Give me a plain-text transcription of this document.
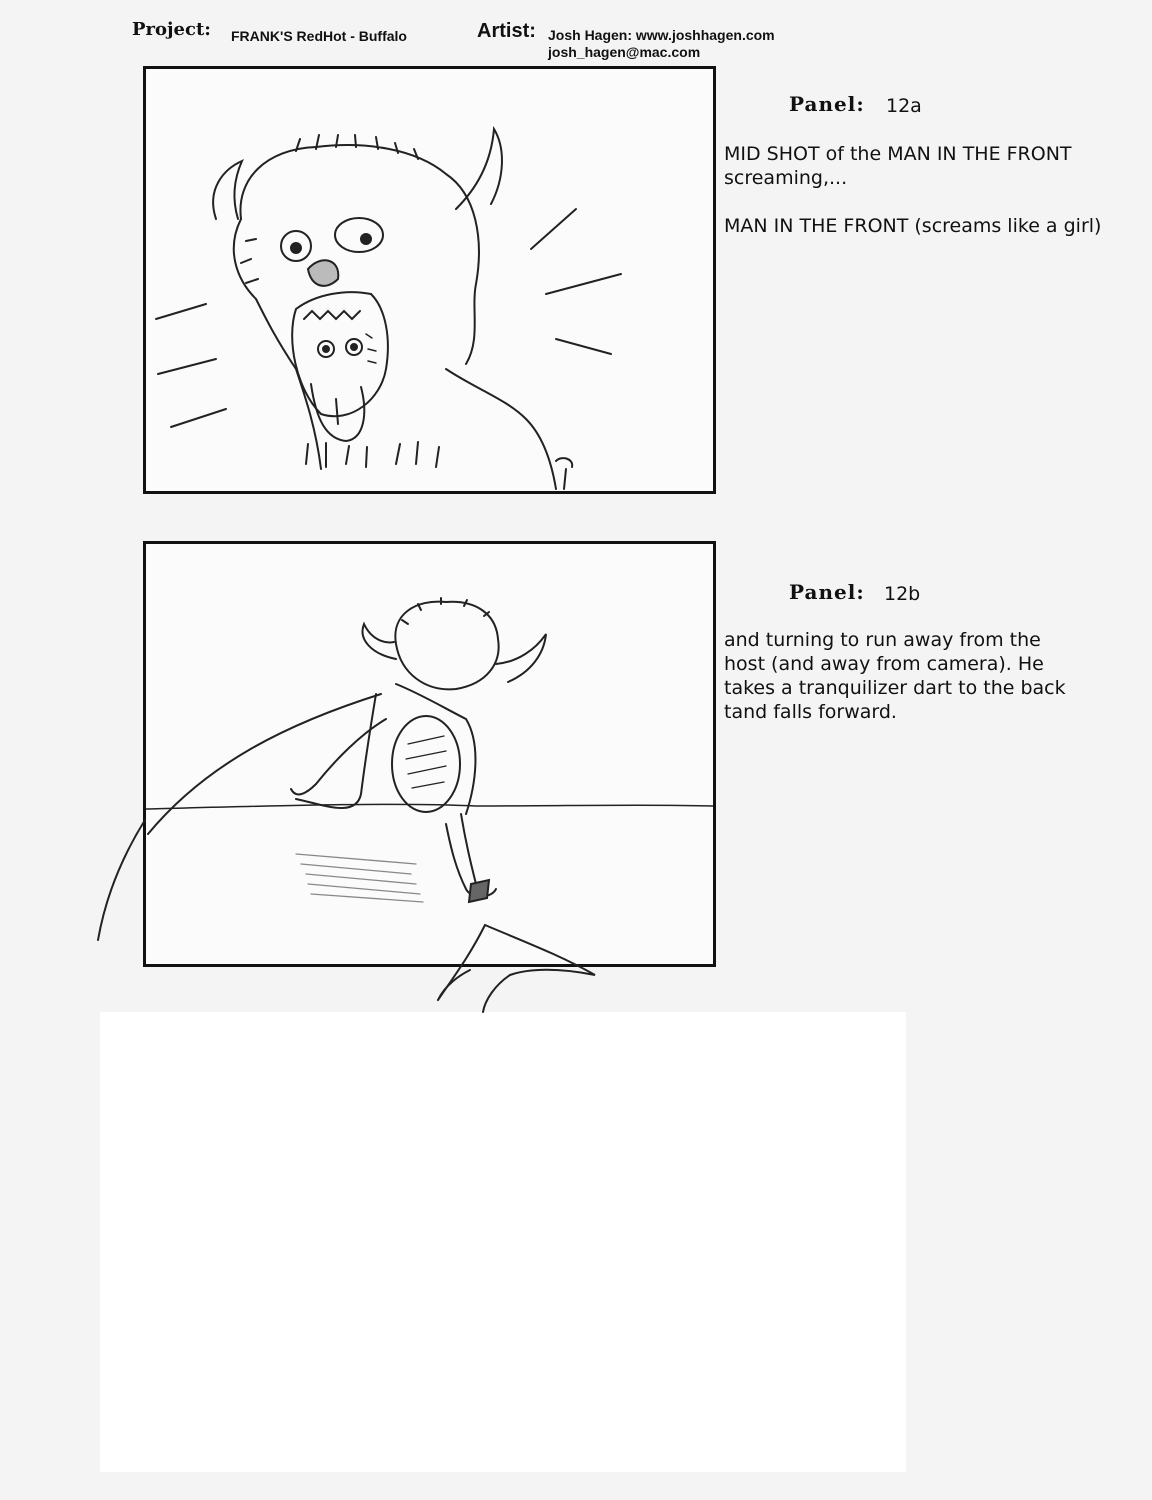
Project: FRANK'S RedHot - Buffalo	Artist: Josh Hagen: www.joshhagen.com
josh_hagen@mac.com
Panel: 12a
MID SHOT of the MAN IN THE FRONT
screaming,...
MAN IN THE FRONT (screams like a girl)
Panel: 12b
and turning to run away from the
host (and away from camera). He
takes a tranquilizer dart to the back
tand falls forward.
